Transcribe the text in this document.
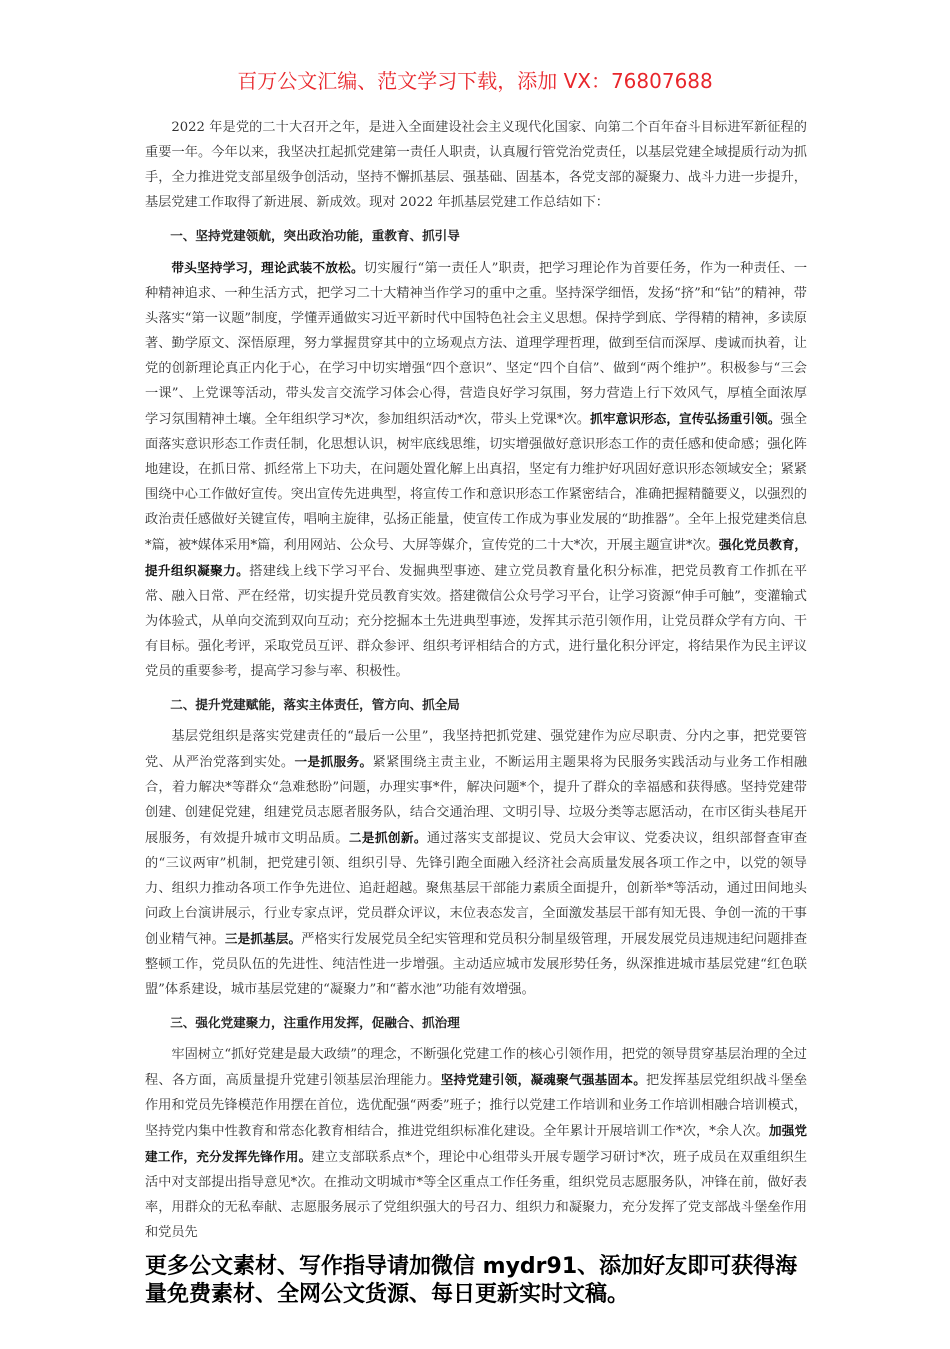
百万公文汇编、范文学习下载，添加 VX：76807688

2022 年是党的二十大召开之年，是进入全面建设社会主义现代化国家、向第二个百年奋斗目标进军新征程的重要一年。今年以来，我坚决扛起抓党建第一责任人职责，认真履行管党治党责任，以基层党建全域提质行动为抓手，全力推进党支部星级争创活动，坚持不懈抓基层、强基础、固基本，各党支部的凝聚力、战斗力进一步提升，基层党建工作取得了新进展、新成效。现对 2022 年抓基层党建工作总结如下：

一、坚持党建领航，突出政治功能，重教育、抓引导

带头坚持学习，理论武装不放松。切实履行“第一责任人”职责，把学习理论作为首要任务，作为一种责任、一种精神追求、一种生活方式，把学习二十大精神当作学习的重中之重。坚持深学细悟，发扬“挤”和“钻”的精神，带头落实“第一议题”制度，学懂弄通做实习近平新时代中国特色社会主义思想。保持学到底、学得精的精神，多读原著、勤学原文、深悟原理，努力掌握贯穿其中的立场观点方法、道理学理哲理，做到至信而深厚、虔诚而执着，让党的创新理论真正内化于心，在学习中切实增强“四个意识”、坚定“四个自信”、做到“两个维护”。积极参与“三会一课”、上党课等活动，带头发言交流学习体会心得，营造良好学习氛围，努力营造上行下效风气，厚植全面浓厚学习氛围精神土壤。全年组织学习*次，参加组织活动*次，带头上党课*次。抓牢意识形态，宣传弘扬重引领。强全面落实意识形态工作责任制，化思想认识，树牢底线思维，切实增强做好意识形态工作的责任感和使命感；强化阵地建设，在抓日常、抓经常上下功夫，在问题处置化解上出真招，坚定有力维护好巩固好意识形态领域安全；紧紧围绕中心工作做好宣传。突出宣传先进典型，将宣传工作和意识形态工作紧密结合，准确把握精髓要义，以强烈的政治责任感做好关键宣传，唱响主旋律，弘扬正能量，使宣传工作成为事业发展的“助推器”。全年上报党建类信息*篇，被*媒体采用*篇，利用网站、公众号、大屏等媒介，宣传党的二十大*次，开展主题宣讲*次。强化党员教育，提升组织凝聚力。搭建线上线下学习平台、发掘典型事迹、建立党员教育量化积分标准，把党员教育工作抓在平常、融入日常、严在经常，切实提升党员教育实效。搭建微信公众号学习平台，让学习资源“伸手可触”，变灌输式为体验式，从单向交流到双向互动；充分挖掘本土先进典型事迹，发挥其示范引领作用，让党员群众学有方向、干有目标。强化考评，采取党员互评、群众参评、组织考评相结合的方式，进行量化积分评定，将结果作为民主评议党员的重要参考，提高学习参与率、积极性。

二、提升党建赋能，落实主体责任，管方向、抓全局

基层党组织是落实党建责任的“最后一公里”，我坚持把抓党建、强党建作为应尽职责、分内之事，把党要管党、从严治党落到实处。一是抓服务。紧紧围绕主责主业，不断运用主题果将为民服务实践活动与业务工作相融合，着力解决*等群众“急难愁盼”问题，办理实事*件，解决问题*个，提升了群众的幸福感和获得感。坚持党建带创建、创建促党建，组建党员志愿者服务队，结合交通治理、文明引导、垃圾分类等志愿活动，在市区街头巷尾开展服务，有效提升城市文明品质。二是抓创新。通过落实支部提议、党员大会审议、党委决议，组织部督查审查的“三议两审”机制，把党建引领、组织引导、先锋引跑全面融入经济社会高质量发展各项工作之中，以党的领导力、组织力推动各项工作争先进位、追赶超越。聚焦基层干部能力素质全面提升，创新举*等活动，通过田间地头问政上台演讲展示，行业专家点评，党员群众评议，末位表态发言，全面激发基层干部有知无畏、争创一流的干事创业精气神。三是抓基层。严格实行发展党员全纪实管理和党员积分制星级管理，开展发展党员违规违纪问题排查整顿工作，党员队伍的先进性、纯洁性进一步增强。主动适应城市发展形势任务，纵深推进城市基层党建“红色联盟”体系建设，城市基层党建的“凝聚力”和“蓄水池”功能有效增强。

三、强化党建聚力，注重作用发挥，促融合、抓治理

牢固树立“抓好党建是最大政绩”的理念，不断强化党建工作的核心引领作用，把党的领导贯穿基层治理的全过程、各方面，高质量提升党建引领基层治理能力。坚持党建引领，凝魂聚气强基固本。把发挥基层党组织战斗堡垒作用和党员先锋模范作用摆在首位，选优配强“两委”班子；推行以党建工作培训和业务工作培训相融合培训模式，坚持党内集中性教育和常态化教育相结合，推进党组织标准化建设。全年累计开展培训工作*次，*余人次。加强党建工作，充分发挥先锋作用。建立支部联系点*个，理论中心组带头开展专题学习研讨*次，班子成员在双重组织生活中对支部提出指导意见*次。在推动文明城市*等全区重点工作任务重，组织党员志愿服务队，冲锋在前，做好表率，用群众的无私奉献、志愿服务展示了党组织强大的号召力、组织力和凝聚力，充分发挥了党支部战斗堡垒作用和党员先

更多公文素材、写作指导请加微信 mydr91、添加好友即可获得海量免费素材、全网公文货源、每日更新实时文稿。
